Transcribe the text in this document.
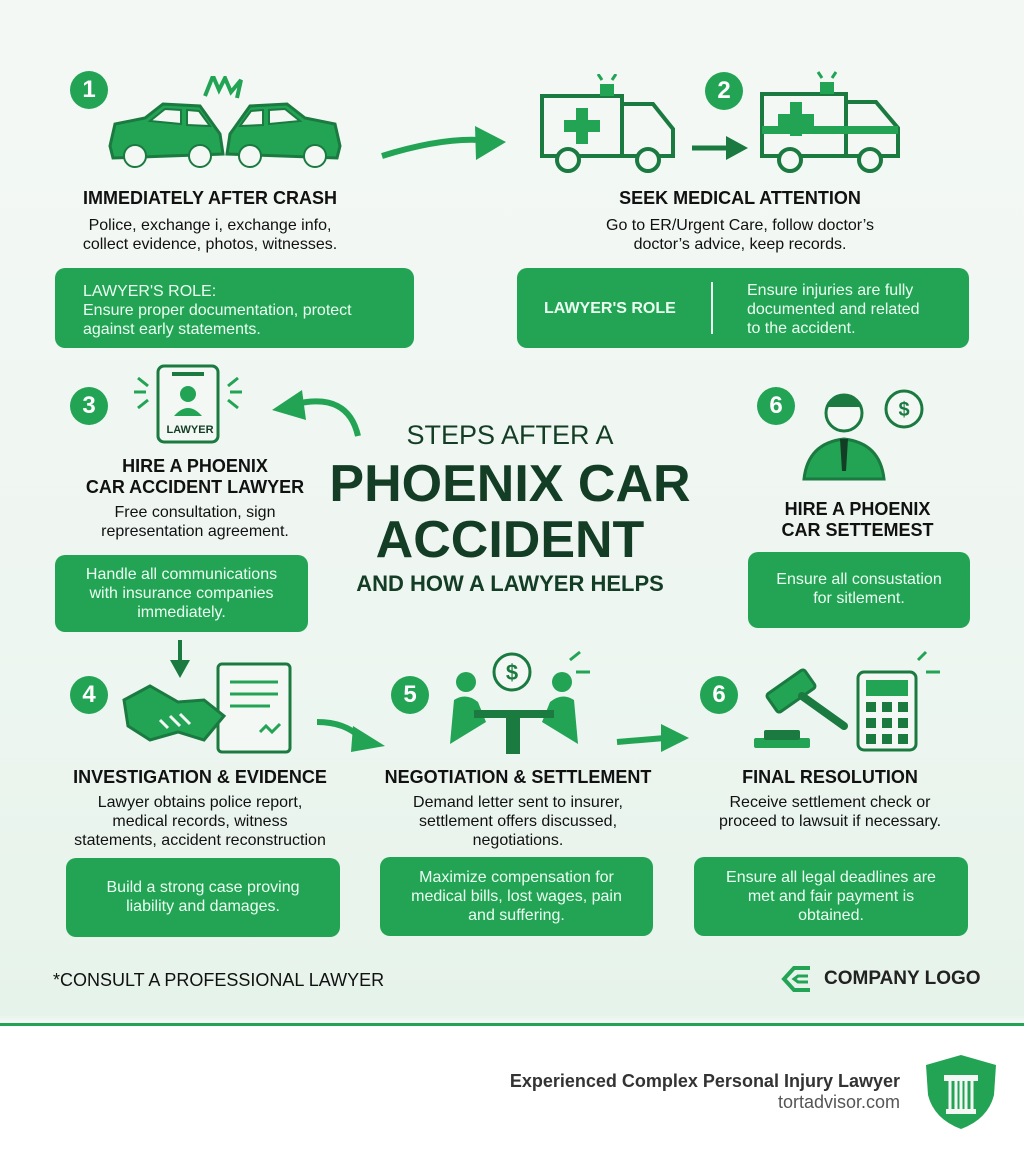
1
IMMEDIATELY AFTER CRASH
Police, exchange i, exchange info,
collect evidence, photos, witnesses.
LAWYER'S ROLE:
Ensure proper documentation, protect
against early statements.
2
SEEK MEDICAL ATTENTION
Go to ER/Urgent Care, follow doctor’s
doctor’s advice, keep records.
LAWYER'S ROLE
Ensure injuries are fully
documented and related
to the accident.
3
LAWYER
HIRE A PHOENIX
CAR ACCIDENT LAWYER
Free consultation, sign
representation agreement.
Handle all communications
with insurance companies
immediately.
STEPS AFTER A
PHOENIX CAR
ACCIDENT
AND HOW A LAWYER HELPS
6	$
HIRE A PHOENIX
CAR SETTEMEST
Ensure all consustation
for sitlement.
4
INVESTIGATION & EVIDENCE
Lawyer obtains police report,
medical records, witness
statements, accident reconstruction
Build a strong case proving
liability and damages.
5
$
NEGOTIATION & SETTLEMENT
Demand letter sent to insurer,
settlement offers discussed,
negotiations.
Maximize compensation for
medical bills, lost wages, pain
and suffering.
6
FINAL RESOLUTION
Receive settlement check or
proceed to lawsuit if necessary.
Ensure all legal deadlines are
met and fair payment is
obtained.
*CONSULT A PROFESSIONAL LAWYER	COMPANY LOGO
Experienced Complex Personal Injury Lawyer
tortadvisor.com
